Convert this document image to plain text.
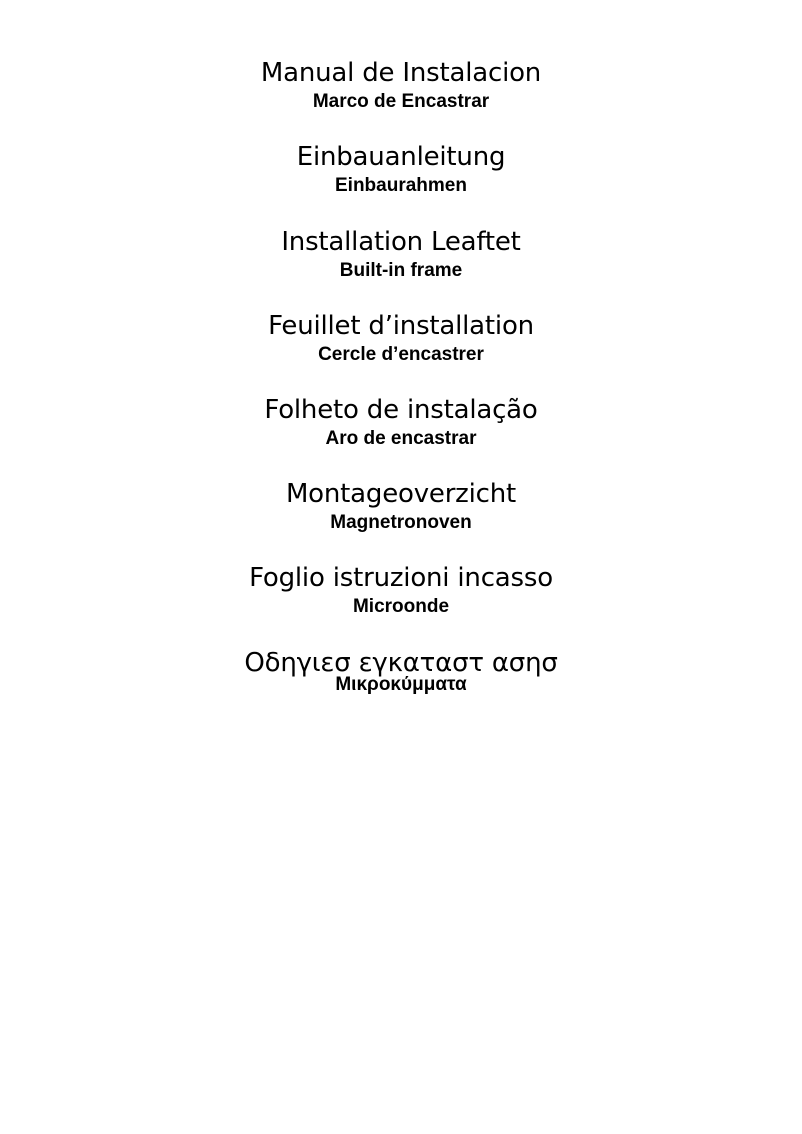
Manual de Instalacion
Marco de Encastrar
Einbauanleitung
Einbaurahmen
Installation Leaftet
Built-in frame
Feuillet d’installation
Cercle d’encastrer
Folheto de instalação
Aro de encastrar
Montageoverzicht
Magnetronoven
Foglio istruzioni incasso
Microonde
Οδηγιεσ εγκαταστ ασησ
Μικροκύμματα
